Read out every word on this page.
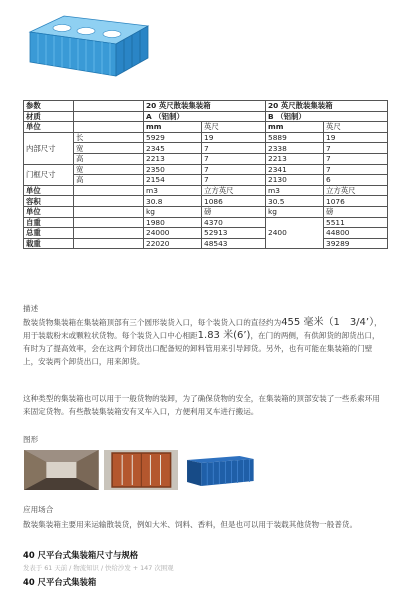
参数		20 英尺散装集装箱		20 英尺散装集装箱	
材质		A （铝制）		B （铝制）	
单位		mm	英尺	mm	英尺
内部尺寸	长	5929	19	5889	19
	宽	2345	7	2338	7
	高	2213	7	2213	7
门框尺寸	宽	2350	7	2341	7
	高	2154	7	2130	6
单位		m3	立方英尺	m3	立方英尺
容积		30.8	1086	30.5	1076
单位		kg	磅	kg	磅
自重		1980	4370	2400	5511
总重		24000	52913		44800
载重		22020	48543		39289
描述
散装货物集装箱在集装箱顶部有三个圆形装货入口，每个装货入口的直径约为455 毫米（1　3/4’），用于装载粉末或颗粒状货物。每个装货入口中心相距1.83 米(6’)，在门的两侧，有供卸货的卸货出口，有时为了提高效率，会在这两个卸货出口配备短的卸料管用来引导卸货。另外，也有可能在集装箱的门壁上，安装两个卸货出口，用来卸货。
这种类型的集装箱也可以用于一般货物的装卸，为了确保货物的安全，在集装箱的顶部安装了一些系索环用来固定货物。有些散装集装箱安有叉车入口，方便利用叉车进行搬运。
图形
应用场合
散装集装箱主要用来运输散装货，例如大米、饲料、香料，但是也可以用于装载其他货物一般普货。
40 尺平台式集装箱尺寸与规格
发表于 61 天前 / 物流知识 / 快给沙发 + 147 次围观
40 尺平台式集装箱
